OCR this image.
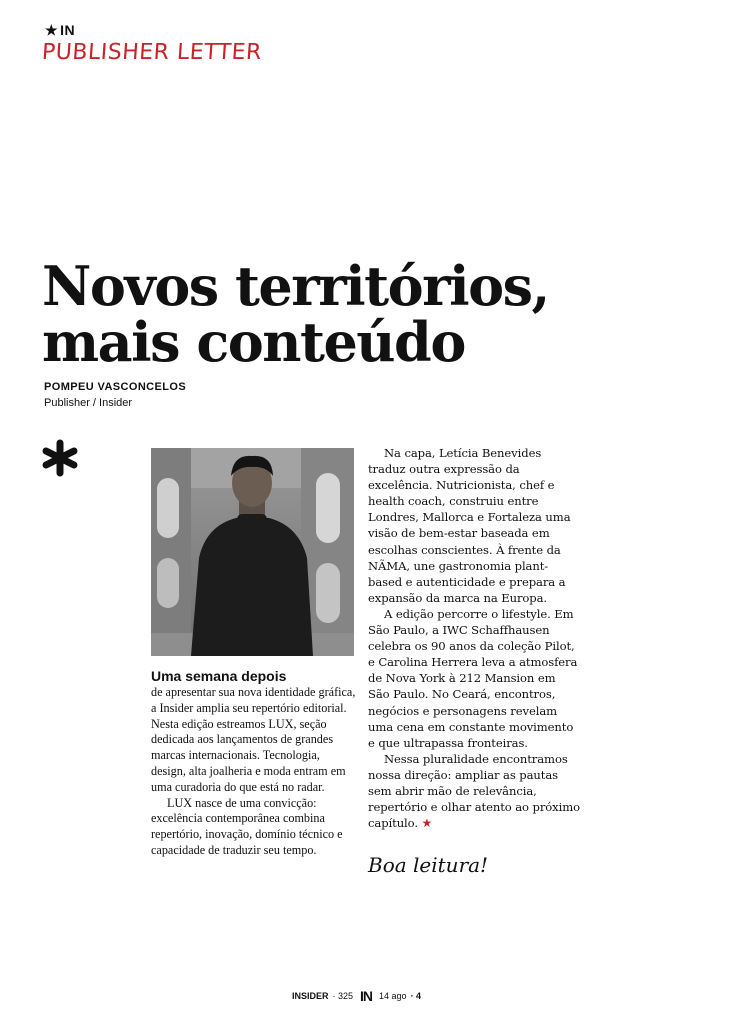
★ IN
PUBLISHER LETTER
Novos territórios,
mais conteúdo
POMPEU VASCONCELOS
Publisher / Insider
Uma semana depois

de apresentar sua nova identidade gráfica, a Insider amplia seu repertório editorial. Nesta edição estreamos LUX, seção dedicada aos lançamentos de grandes marcas internacionais. Tecnologia, design, alta joalheria e moda entram em uma curadoria do que está no radar.

LUX nasce de uma convicção: excelência contemporânea combina repertório, inovação, domínio técnico e capacidade de traduzir seu tempo.

Na capa, Letícia Benevides traduz outra expressão da excelência. Nutricionista, chef e health coach, construiu entre Londres, Mallorca e Fortaleza uma visão de bem-estar baseada em escolhas conscientes. À frente da NÃMA, une gastronomia plant-based e autenticidade e prepara a expansão da marca na Europa.

A edição percorre o lifestyle. Em São Paulo, a IWC Schaffhausen celebra os 90 anos da coleção Pilot, e Carolina Herrera leva a atmosfera de Nova York à 212 Mansion em São Paulo. No Ceará, encontros, negócios e personagens revelam uma cena em constante movimento e que ultrapassa fronteiras.

Nessa pluralidade encontramos nossa direção: ampliar as pautas sem abrir mão de relevância, repertório e olhar atento ao próximo capítulo. ★

Boa leitura!
INSIDER · 325 IN 14 ago · 4
